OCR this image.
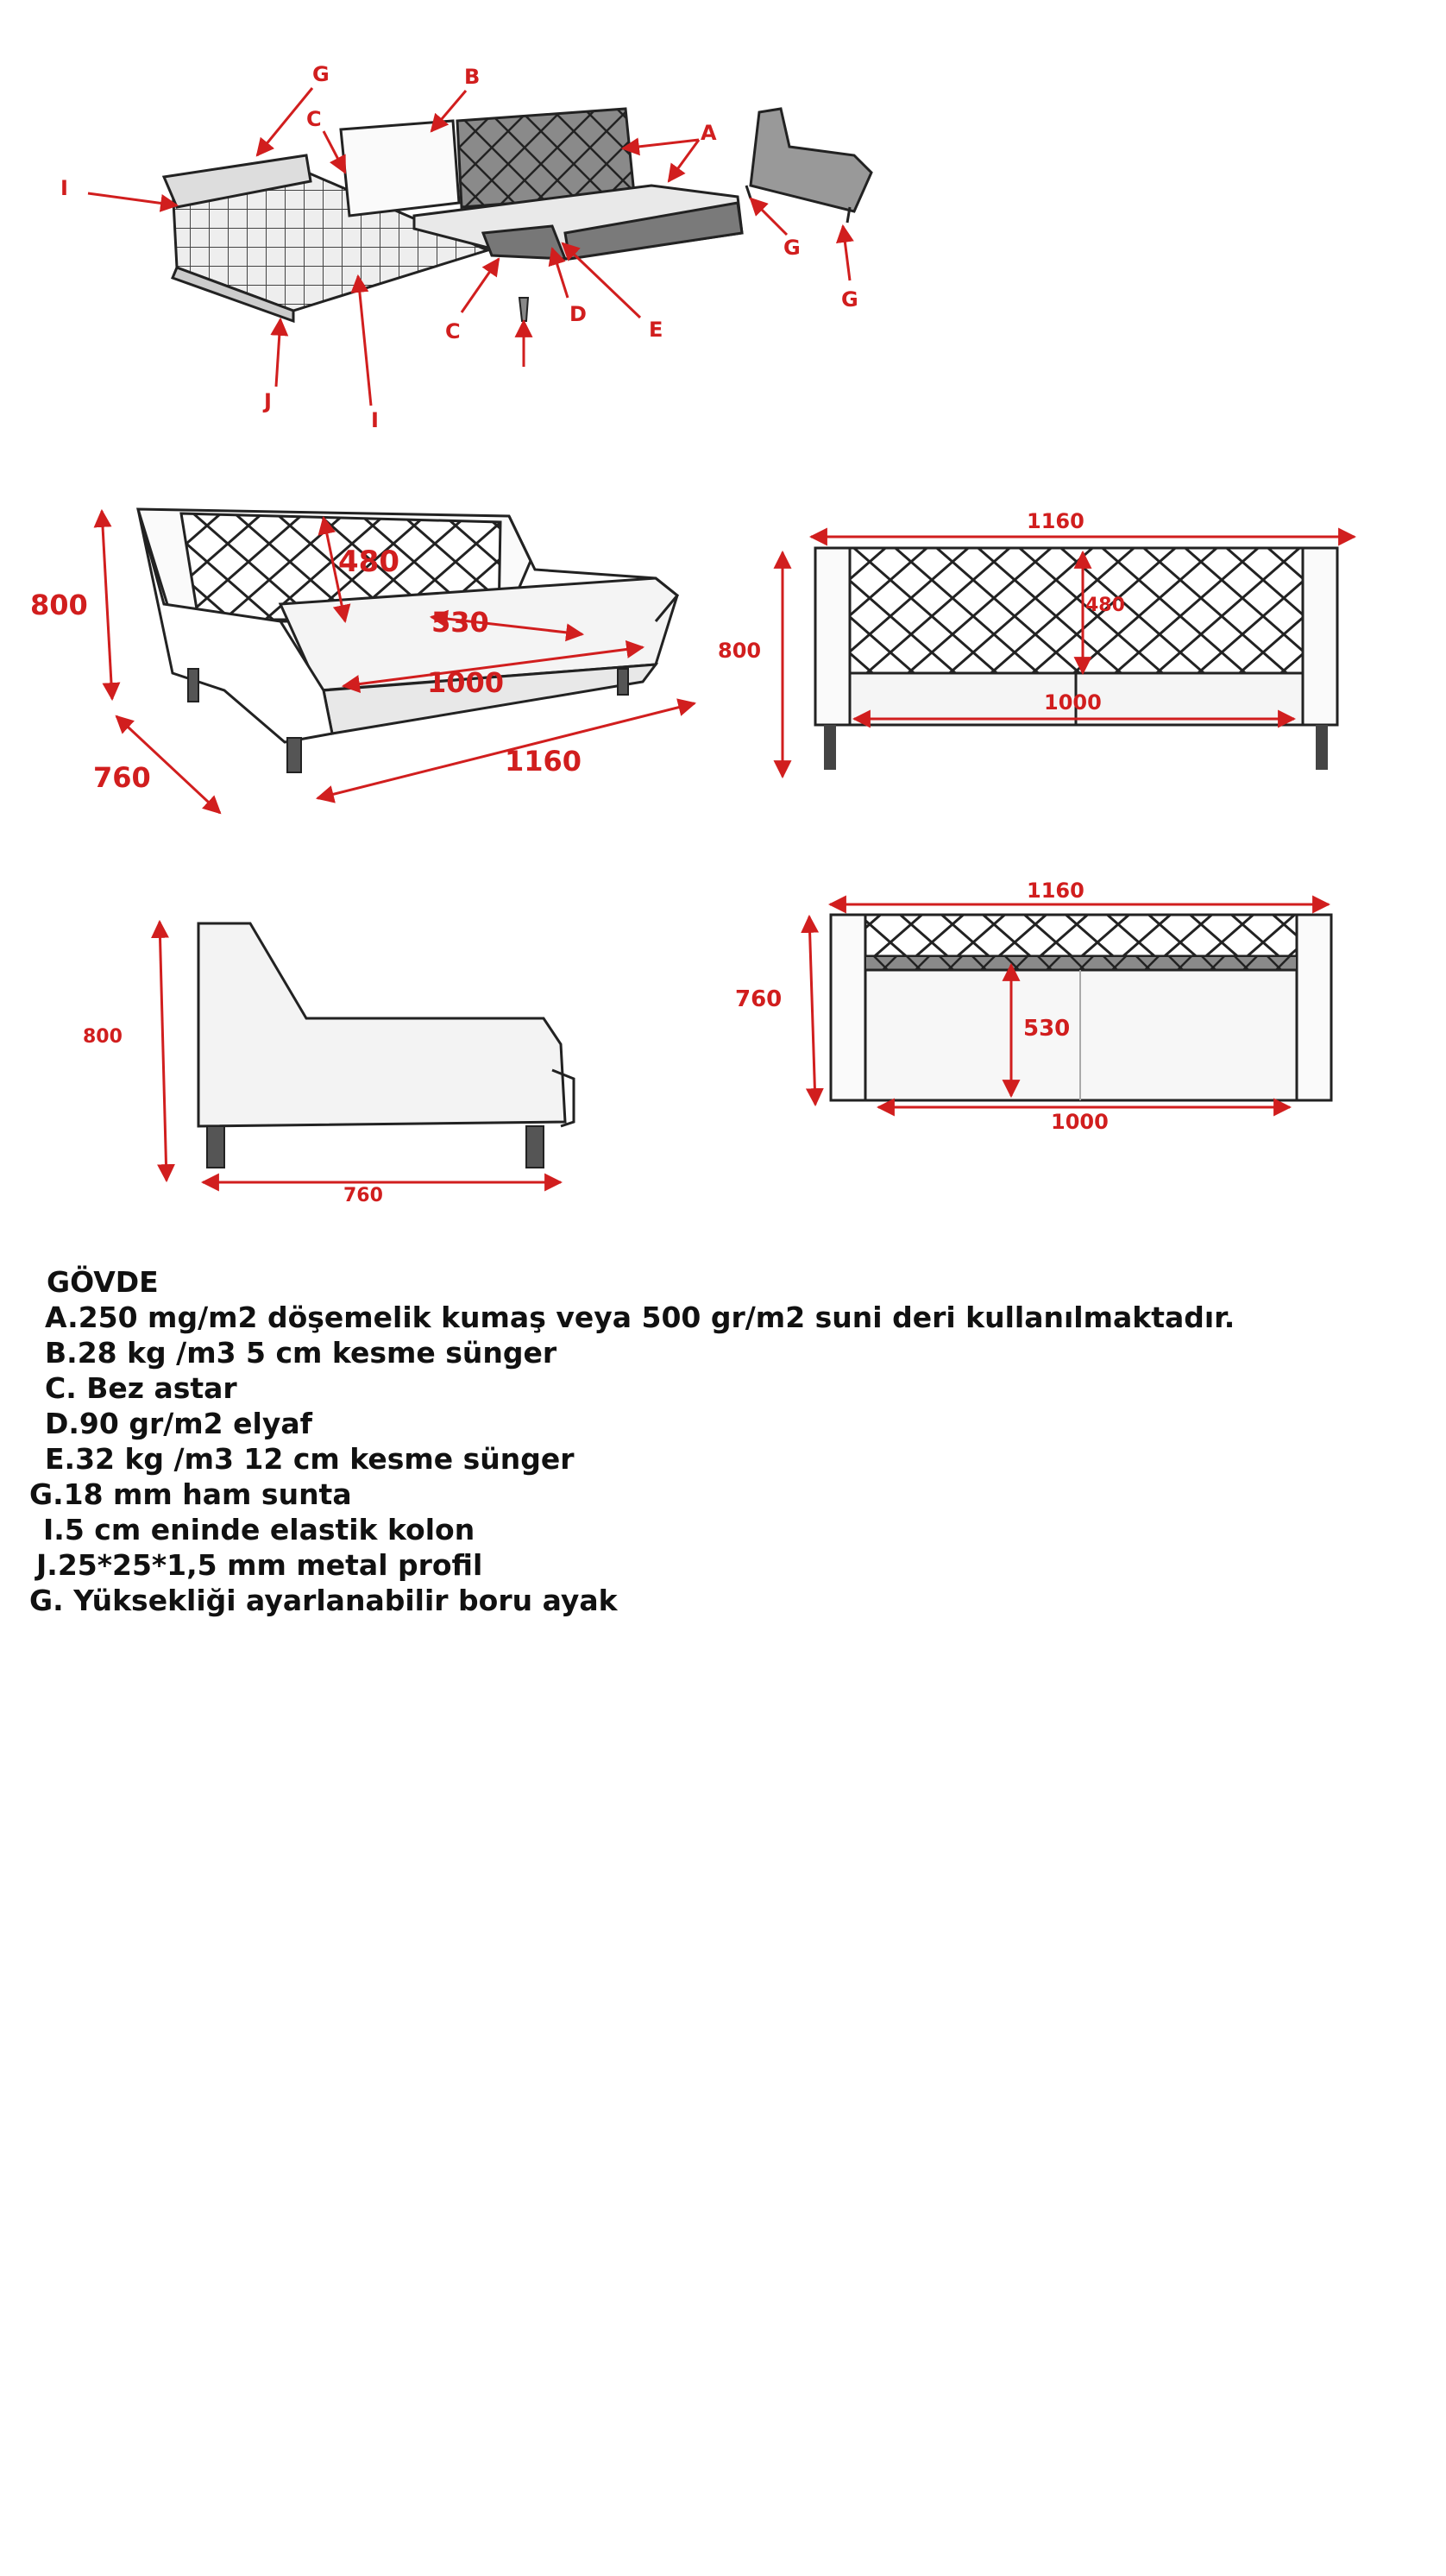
G	B
C
A
I
G
G
C
D
E
J
I
800
760	1160
480
530
1000
1160
800
480
1000
800
760
1160
760
530
1000
GÖVDE
A.250 mg/m2 döşemelik kumaş veya 500 gr/m2 suni deri kullanılmaktadır.
B.28 kg /m3 5 cm kesme sünger
C. Bez astar
D.90 gr/m2 elyaf
E.32 kg /m3 12 cm kesme sünger
G.18 mm ham sunta
I.5 cm eninde elastik kolon
J.25*25*1,5 mm metal profil
G. Yüksekliği ayarlanabilir boru ayak
